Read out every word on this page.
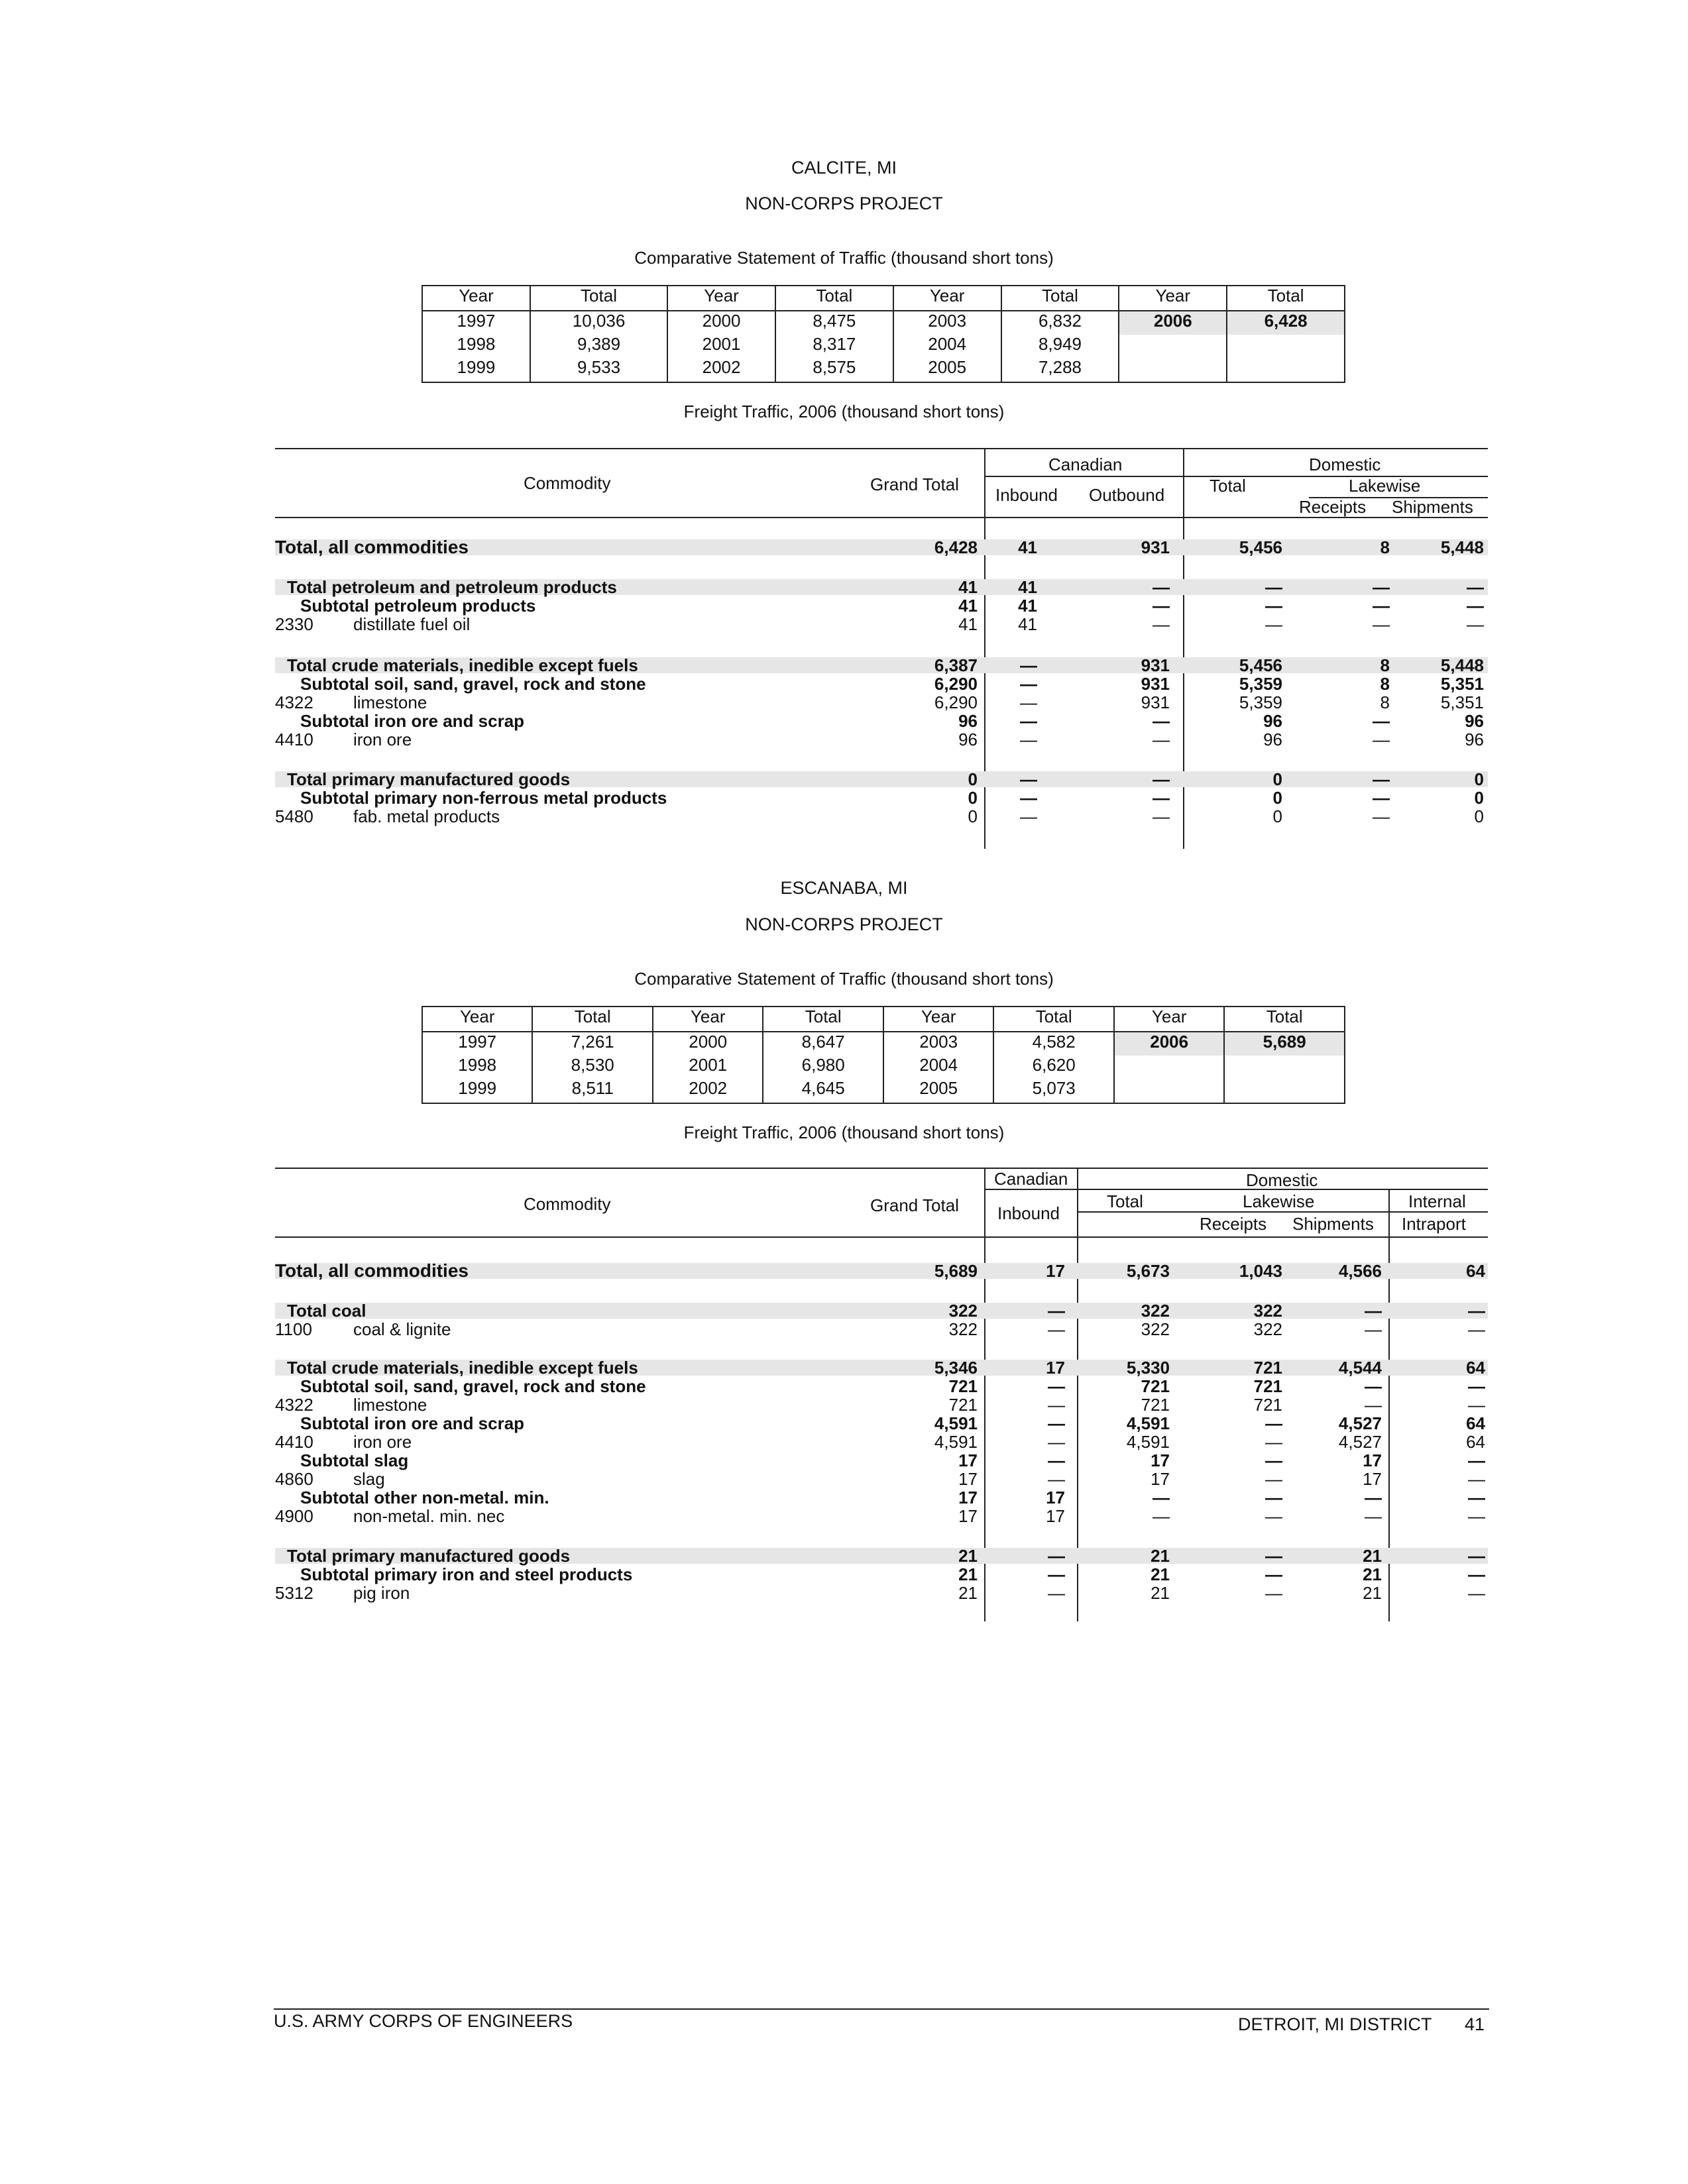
CALCITE, MI
NON-CORPS PROJECT
Comparative Statement of Traffic (thousand short tons)
Year	Total	Year	Total	Year	Total	Year	Total
1997	10,036	2000	8,475	2003	6,832	2006	6,428
1998	9,389	2001	8,317	2004	8,949		
1999	9,533	2002	8,575	2005	7,288		
Freight Traffic, 2006 (thousand short tons)
Commodity	Grand Total
Canadian
Inbound Outbound
Domestic
Total	Lakewise
Receipts Shipments
Total, all commodities	6,428 41	931	5,456	8	5,448
Total petroleum and petroleum products	41 41	—	—	—	—
Subtotal petroleum products	41 41	—	—	—	—
2330 distillate fuel oil	41 41	—	—	—	—
Total crude materials, inedible except fuels	6,387 —	931	5,456	8	5,448
Subtotal soil, sand, gravel, rock and stone	6,290 —	931	5,359	8	5,351
4322 limestone	6,290 —	931	5,359	8	5,351
Subtotal iron ore and scrap	96 —	—	96	—	96
4410 iron ore	96 —	—	96	—	96
Total primary manufactured goods	0 —	—	0	—	0
Subtotal primary non-ferrous metal products	0 —	—	0	—	0
5480 fab. metal products	0 —	—	0	—	0
ESCANABA, MI
NON-CORPS PROJECT
Comparative Statement of Traffic (thousand short tons)
Year	Total	Year	Total	Year	Total	Year	Total
1997	7,261	2000	8,647	2003	4,582	2006	5,689
1998	8,530	2001	6,980	2004	6,620		
1999	8,511	2002	4,645	2005	5,073		
Freight Traffic, 2006 (thousand short tons)
Commodity	Grand Total
Canadian
Inbound
Domestic
Total	Lakewise
Receipts Shipments
Internal
Intraport
Total, all commodities	5,689	17	5,673	1,043	4,566	64
Total coal	322	—	322	322	—	—
1100 coal & lignite	322	—	322	322	—	—
Total crude materials, inedible except fuels	5,346	17	5,330	721	4,544	64
Subtotal soil, sand, gravel, rock and stone	721	—	721	721	—	—
4322 limestone	721	—	721	721	—	—
Subtotal iron ore and scrap	4,591	—	4,591	—	4,527	64
4410 iron ore	4,591	—	4,591	—	4,527	64
Subtotal slag	17	—	17	—	17	—
4860 slag	17	—	17	—	17	—
Subtotal other non-metal. min.	17	17	—	—	—	—
4900 non-metal. min. nec	17	17	—	—	—	—
Total primary manufactured goods	21	—	21	—	21	—
Subtotal primary iron and steel products	21	—	21	—	21	—
5312 pig iron	21	—	21	—	21	—
U.S. ARMY CORPS OF ENGINEERS	DETROIT, MI DISTRICT 41
